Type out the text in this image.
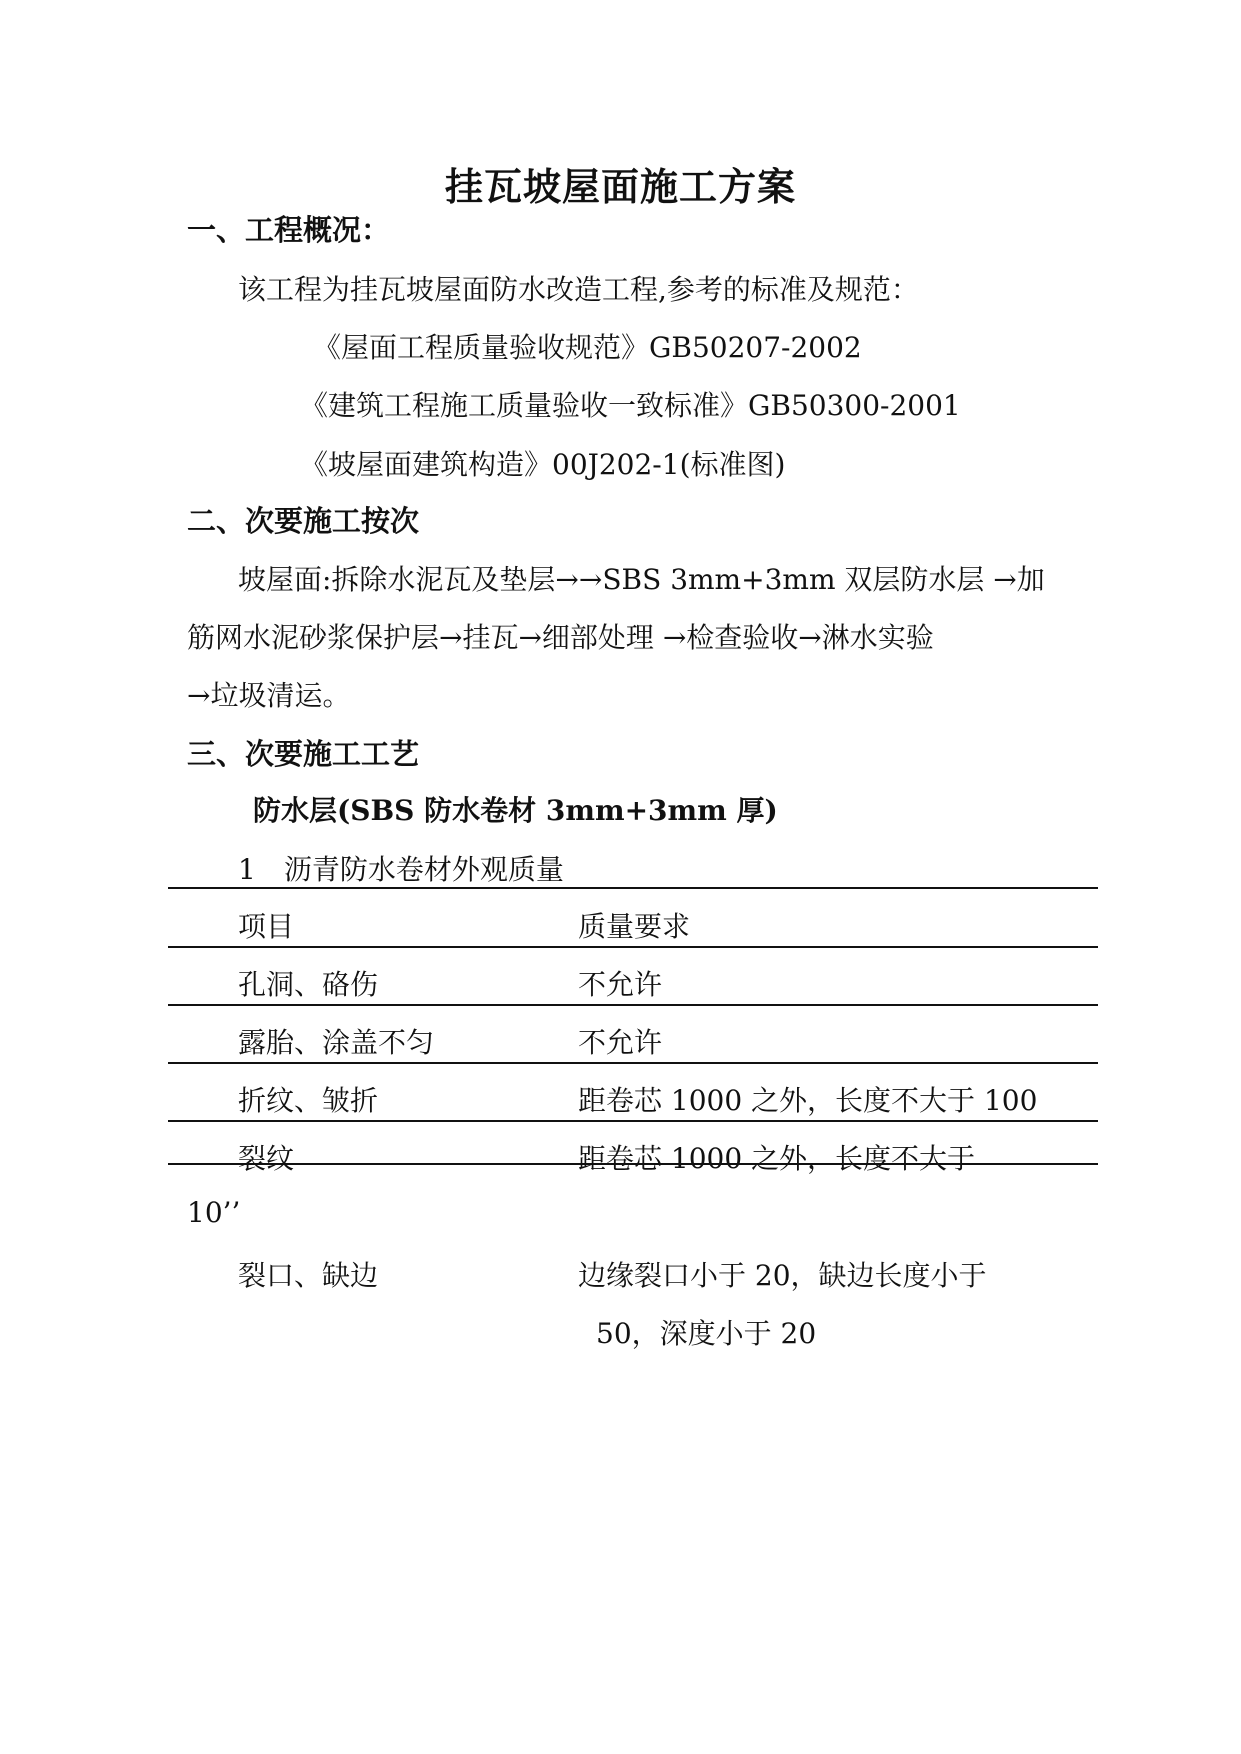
挂瓦坡屋面施工方案
一、工程概况：
该工程为挂瓦坡屋面防水改造工程,参考的标准及规范：
《屋面工程质量验收规范》GB50207-2002
《建筑工程施工质量验收一致标准》GB50300-2001
《坡屋面建筑构造》00J202-1(标准图)
二、次要施工按次
坡屋面:拆除水泥瓦及垫层→→SBS 3mm+3mm 双层防水层 →加
筋网水泥砂浆保护层→挂瓦→细部处理 →检查验收→淋水实验
→垃圾清运。
三、次要施工工艺
防水层(SBS 防水卷材 3mm+3mm 厚)
1　沥青防水卷材外观质量
项目	质量要求
孔洞、硌伤	不允许
露胎、涂盖不匀	不允许
折纹、皱折	距卷芯 1000 之外，长度不大于 100
裂纹	距卷芯 1000 之外，长度不大于
10’’
裂口、缺边	边缘裂口小于 20，缺边长度小于
50，深度小于 20
